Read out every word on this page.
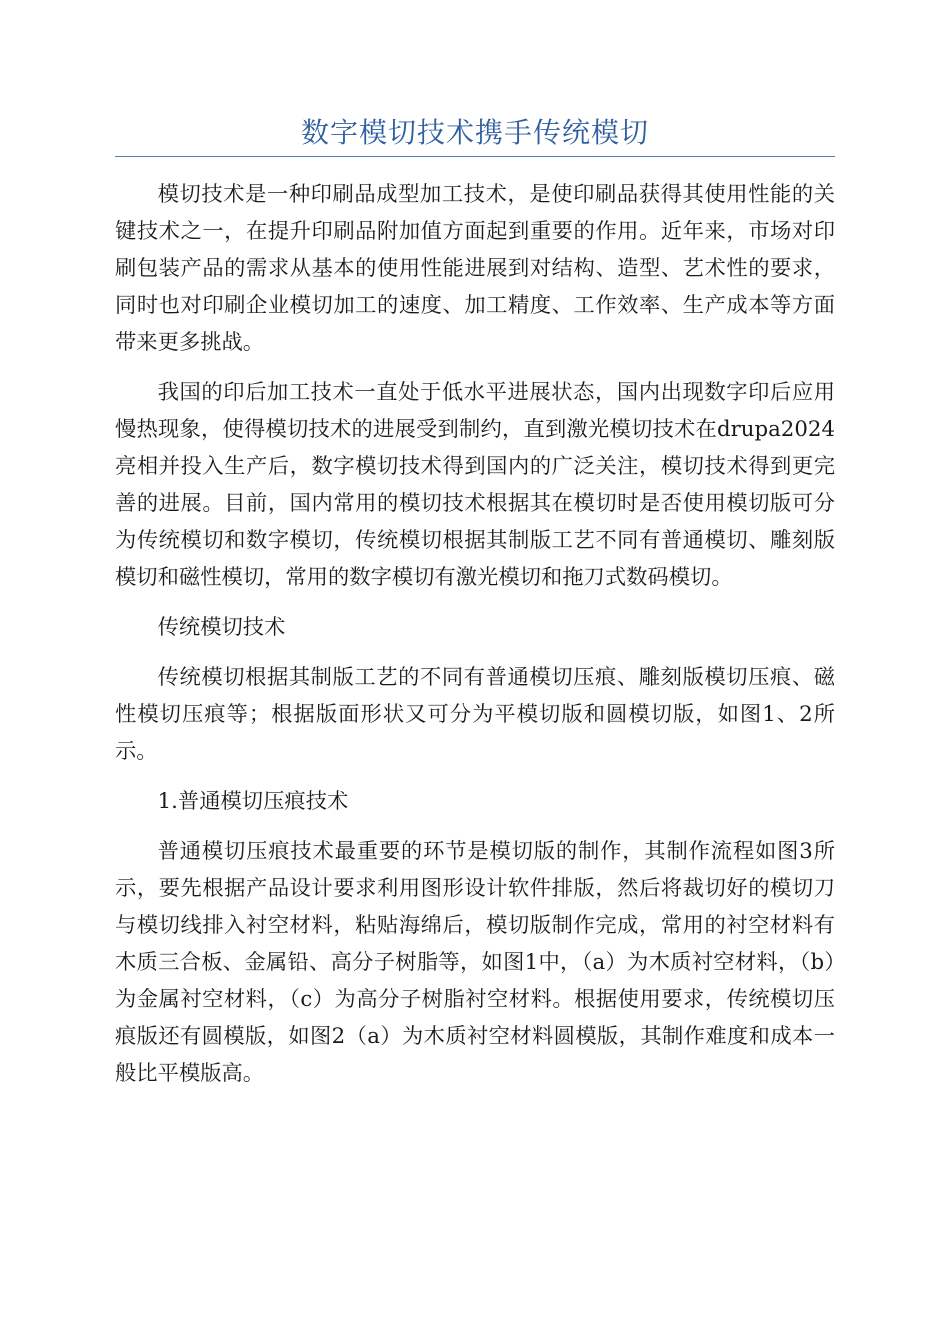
数字模切技术携手传统模切

模切技术是一种印刷品成型加工技术，是使印刷品获得其使用性能的关键技术之一，在提升印刷品附加值方面起到重要的作用。近年来，市场对印刷包装产品的需求从基本的使用性能进展到对结构、造型、艺术性的要求，同时也对印刷企业模切加工的速度、加工精度、工作效率、生产成本等方面带来更多挑战。

我国的印后加工技术一直处于低水平进展状态，国内出现数字印后应用慢热现象，使得模切技术的进展受到制约，直到激光模切技术在drupa2024亮相并投入生产后，数字模切技术得到国内的广泛关注，模切技术得到更完善的进展。目前，国内常用的模切技术根据其在模切时是否使用模切版可分为传统模切和数字模切，传统模切根据其制版工艺不同有普通模切、雕刻版模切和磁性模切，常用的数字模切有激光模切和拖刀式数码模切。

传统模切技术

传统模切根据其制版工艺的不同有普通模切压痕、雕刻版模切压痕、磁性模切压痕等；根据版面形状又可分为平模切版和圆模切版，如图1、2所示。

1.普通模切压痕技术

普通模切压痕技术最重要的环节是模切版的制作，其制作流程如图3所示，要先根据产品设计要求利用图形设计软件排版，然后将裁切好的模切刀与模切线排入衬空材料，粘贴海绵后，模切版制作完成，常用的衬空材料有木质三合板、金属铅、高分子树脂等，如图1中，（a）为木质衬空材料，（b）为金属衬空材料，（c）为高分子树脂衬空材料。根据使用要求，传统模切压痕版还有圆模版，如图2（a）为木质衬空材料圆模版，其制作难度和成本一般比平模版高。
